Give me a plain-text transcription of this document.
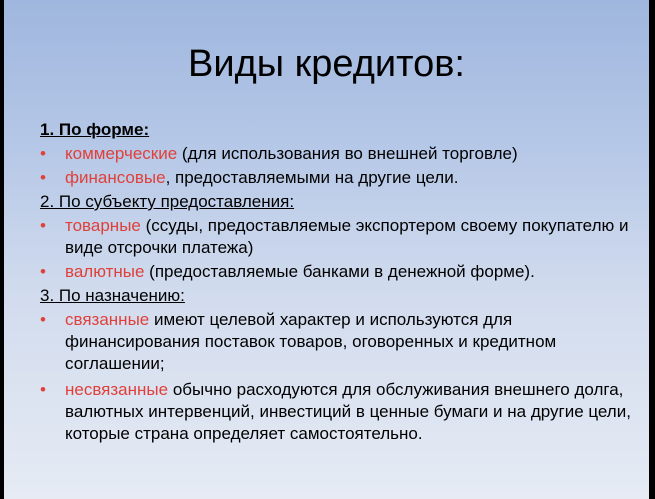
Виды кредитов:

1. По форме:

• коммерческие (для использования во внешней торговле)

• финансовые, предоставляемыми на другие цели.

2. По субъекту предоставления:

• товарные (ссуды, предоставляемые экспортером своему покупателю и виде отсрочки платежа)

• валютные (предоставляемые банками в денежной форме).

3. По назначению:

• связанные имеют целевой характер и используются для финансирования поставок товаров, оговоренных и кредитном соглашении;

• несвязанные обычно расходуются для обслуживания внешнего долга, валютных интервенций, инвестиций в ценные бумаги и на другие цели, которые страна определяет самостоятельно.
